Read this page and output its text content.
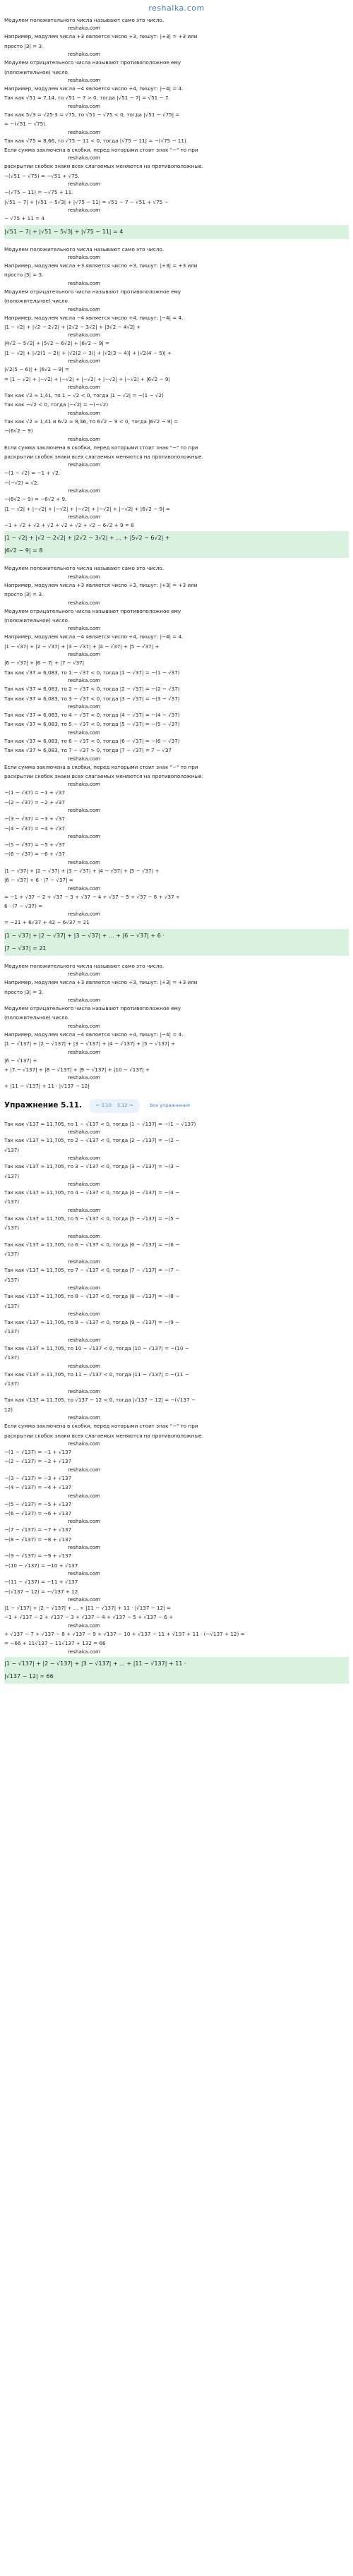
reshalka.com
Модулем положительного числа называют само это число.
reshaka.com
Например, модулем числа +3 является число +3, пишут: |+3| = +3 или
просто |3| = 3.
reshaka.com
Модулем отрицательного числа называют противоположное ему
(положительное) число.
reshaka.com
Например, модулем числа −4 является число +4, пишут: |−4| = 4.
Так как √51 ≈ 7,14, то √51 − 7 > 0, тогда |√51 − 7| = √51 − 7.
reshaka.com
Так как 5√3 = √25·3 = √75, то √51 − √75 < 0, тогда |√51 − √75| =
= −(√51 − √75).
reshaka.com
Так как √75 ≈ 8,66, то √75 − 11 < 0, тогда |√75 − 11| = −(√75 − 11).
Если сумма заключена в скобки, перед которыми стоит знак "−" то при
reshaka.com
раскрытии скобок знаки всех слагаемых меняются на противоположные.
−(√51 − √75) = −√51 + √75.
reshaka.com
−(√75 − 11) = −√75 + 11.
|√51 − 7| + |√51 − 5√3| + |√75 − 11| = √51 − 7 − √51 + √75 −
reshaka.com
− √75 + 11 = 4
|√51 − 7| + |√51 − 5√3| + |√75 − 11| = 4
Модулем положительного числа называют само это число.
reshaka.com
Например, модулем числа +3 является число +3, пишут: |+3| = +3 или
просто |3| = 3.
reshaka.com
Модулем отрицательного числа называют противоположное ему
(положительное) число.
reshaka.com
Например, модулем числа −4 является число +4, пишут: |−4| = 4.
|1 − √2| + |√2 − 2√2| + |2√2 − 3√2| + |3√2 − 4√2| +
reshaka.com
|4√2 − 5√2| + |5√2 − 6√2| + |6√2 − 9| =
|1 − √2| + |√2(1 − 2)| + |√2(2 − 3)| + |√2(3 − 4)| + |√2(4 − 5)| +
reshaka.com
|√2(5 − 6)| + |6√2 − 9| =
= |1 − √2| + |−√2| + |−√2| + |−√2| + |−√2| + |−√2| + |6√2 − 9|
reshaka.com
Так как √2 ≈ 1,41, то 1 − √2 < 0, тогда |1 − √2| = −(1 − √2)
Так как −√2 < 0, тогда |−√2| = −(−√2)
reshaka.com
Так как √2 ≈ 1,41 и 6√2 ≈ 8,46, то 6√2 − 9 < 0, тогда |6√2 − 9| =
−(6√2 − 9)
reshaka.com
Если сумма заключена в скобки, перед которыми стоит знак "−" то при
раскрытии скобок знаки всех слагаемых меняются на противоположные.
reshaka.com
−(1 − √2) = −1 + √2.
−(−√2) = √2.
reshaka.com
−(6√2 − 9) = −6√2 + 9.
|1 − √2| + |−√2| + |−√2| + |−√2| + |−√2| + |−√2| + |6√2 − 9| =
reshaka.com
−1 + √2 + √2 + √2 + √2 + √2 + √2 − 6√2 + 9 = 8
|1 − √2| + |√2 − 2√2| + |2√2 − 3√2| + ... + |5√2 − 6√2| +
|6√2 − 9| = 8
Модулем положительного числа называют само это число.
reshaka.com
Например, модулем числа +3 является число +3, пишут: |+3| = +3 или
просто |3| = 3.
reshaka.com
Модулем отрицательного числа называют противоположное ему
(положительное) число.
reshaka.com
Например, модулем числа −4 является число +4, пишут: |−4| = 4.
|1 − √37| + |2 − √37| + |3 − √37| + |4 − √37| + |5 − √37| +
reshaka.com
|6 − √37| + |6 − 7| + |7 − √37|
Так как √37 ≈ 6,083, то 1 − √37 < 0, тогда |1 − √37| = −(1 − √37)
reshaka.com
Так как √37 ≈ 6,083, то 2 − √37 < 0, тогда |2 − √37| = −(2 − √37)
Так как √37 ≈ 6,083, то 3 − √37 < 0, тогда |3 − √37| = −(3 − √37)
reshaka.com
Так как √37 ≈ 6,083, то 4 − √37 < 0, тогда |4 − √37| = −(4 − √37)
Так как √37 ≈ 6,083, то 5 − √37 < 0, тогда |5 − √37| = −(5 − √37)
reshaka.com
Так как √37 ≈ 6,083, то 6 − √37 < 0, тогда |6 − √37| = −(6 − √37)
Так как √37 ≈ 6,083, то 7 − √37 > 0, тогда |7 − √37| = 7 − √37
reshaka.com
Если сумма заключена в скобки, перед которыми стоит знак "−" то при
раскрытии скобок знаки всех слагаемых меняются на противоположные.
reshaka.com
−(1 − √37) = −1 + √37
−(2 − √37) = −2 + √37
reshaka.com
−(3 − √37) = −3 + √37
−(4 − √37) = −4 + √37
reshaka.com
−(5 − √37) = −5 + √37
−(6 − √37) = −6 + √37
reshaka.com
|1 − √37| + |2 − √37| + |3 − √37| + |4 − √37| + |5 − √37| +
|6 − √37| + 6 · |7 − √37| =
reshaka.com
= −1 + √37 − 2 + √37 − 3 + √37 − 4 + √37 − 5 + √37 − 6 + √37 +
6 · (7 − √37) =
reshaka.com
= −21 + 6√37 + 42 − 6√37 = 21
|1 − √37| + |2 − √37| + |3 − √37| + ... + |6 − √37| + 6 ·
|7 − √37| = 21
Модулем положительного числа называют само это число.
reshaka.com
Например, модулем числа +3 является число +3, пишут: |+3| = +3 или
просто |3| = 3.
reshaka.com
Модулем отрицательного числа называют противоположное ему
(положительное) число.
reshaka.com
Например, модулем числа −4 является число +4, пишут: |−4| = 4.
|1 − √137| + |2 − √137| + |3 − √137| + |4 − √137| + |5 − √137| +
reshaka.com
|6 − √137| +
+ |7 − √137| + |8 − √137| + |9 − √137| + |10 − √137| +
reshaka.com
+ |11 − √137| + 11 · |√137 − 12|
Упражнение 5.11.	← 5.10 5.12 →	Все упражнения
Так как √137 ≈ 11,705, то 1 − √137 < 0, тогда |1 − √137| = −(1 − √137)
reshaka.com
Так как √137 ≈ 11,705, то 2 − √137 < 0, тогда |2 − √137| = −(2 −
√137)
reshaka.com
Так как √137 ≈ 11,705, то 3 − √137 < 0, тогда |3 − √137| = −(3 −
√137)
reshaka.com
Так как √137 ≈ 11,705, то 4 − √137 < 0, тогда |4 − √137| = −(4 −
√137)
reshaka.com
Так как √137 ≈ 11,705, то 5 − √137 < 0, тогда |5 − √137| = −(5 −
√137)
reshaka.com
Так как √137 ≈ 11,705, то 6 − √137 < 0, тогда |6 − √137| = −(6 −
√137)
reshaka.com
Так как √137 ≈ 11,705, то 7 − √137 < 0, тогда |7 − √137| = −(7 −
√137)
reshaka.com
Так как √137 ≈ 11,705, то 8 − √137 < 0, тогда |8 − √137| = −(8 −
√137)
reshaka.com
Так как √137 ≈ 11,705, то 9 − √137 < 0, тогда |9 − √137| = −(9 −
√137)
reshaka.com
Так как √137 ≈ 11,705, то 10 − √137 < 0, тогда |10 − √137| = −(10 −
√137)
reshaka.com
Так как √137 ≈ 11,705, то 11 − √137 < 0, тогда |11 − √137| = −(11 −
√137)
reshaka.com
Так как √137 ≈ 11,705, то √137 − 12 < 0, тогда |√137 − 12| = −(√137 −
12)
reshaka.com
Если сумма заключена в скобки, перед которыми стоит знак "−" то при
раскрытии скобок знаки всех слагаемых меняются на противоположные.
reshaka.com
−(1 − √137) = −1 + √137
−(2 − √137) = −2 + √137
reshaka.com
−(3 − √137) = −3 + √137
−(4 − √137) = −4 + √137
reshaka.com
−(5 − √137) = −5 + √137
−(6 − √137) = −6 + √137
reshaka.com
−(7 − √137) = −7 + √137
−(8 − √137) = −8 + √137
reshaka.com
−(9 − √137) = −9 + √137
−(10 − √137) = −10 + √137
reshaka.com
−(11 − √137) = −11 + √137
−(√137 − 12) = −√137 + 12
reshaka.com
|1 − √137| + |2 − √137| + ... + |11 − √137| + 11 · |√137 − 12| =
−1 + √137 − 2 + √137 − 3 + √137 − 4 + √137 − 5 + √137 − 6 +
reshaka.com
+ √137 − 7 + √137 − 8 + √137 − 9 + √137 − 10 + √137 − 11 + √137 + 11 · (−√137 + 12) =
= −66 + 11√137 − 11√137 + 132 = 66
reshaka.com
|1 − √137| + |2 − √137| + |3 − √137| + ... + |11 − √137| + 11 ·
|√137 − 12| = 66
